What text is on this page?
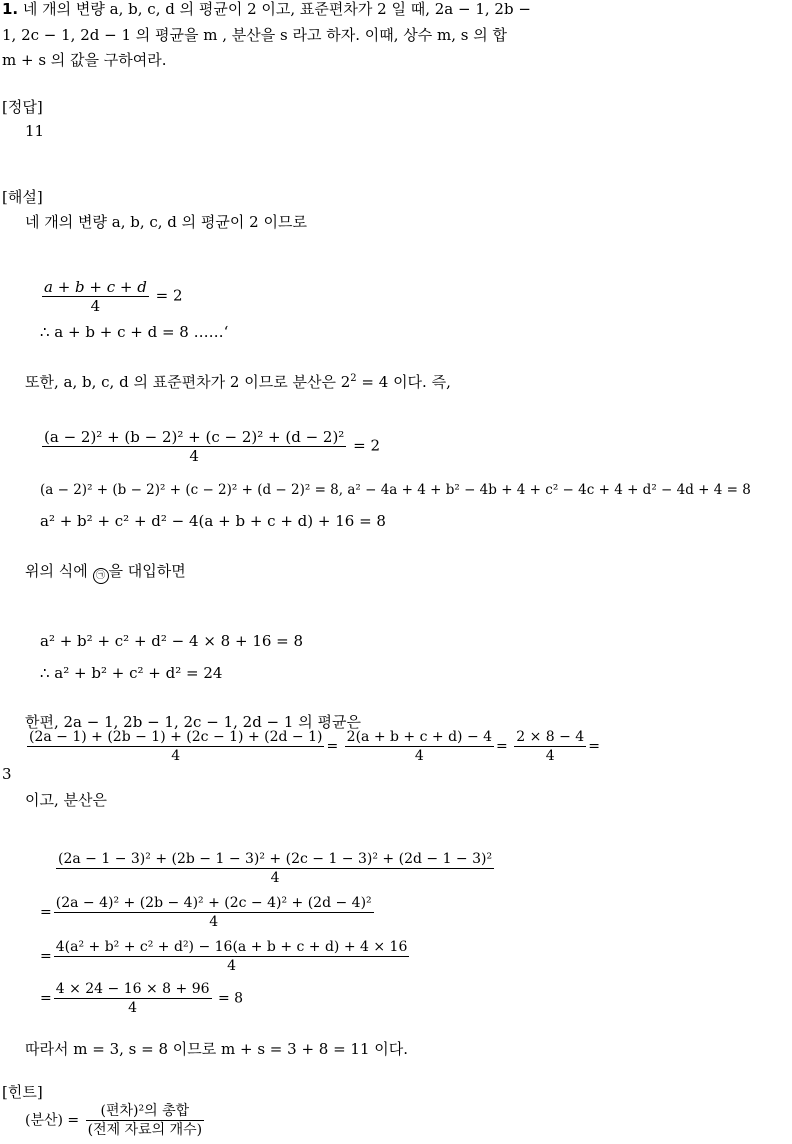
1. 네 개의 변량 a, b, c, d 의 평균이 2 이고, 표준편차가 2 일 때, 2a − 1, 2b −
1, 2c − 1, 2d − 1 의 평균을 m , 분산을 s 라고 하자. 이때, 상수 m, s 의 합
m + s 의 값을 구하여라.
[정답]
11
[해설]
네 개의 변량 a, b, c, d 의 평균이 2 이므로
$\frac{a + b + c + d}{4} = 2$
∴ a + b + c + d = 8 ……‘
또한, a, b, c, d 의 표준편차가 2 이므로 분산은 $2^2 = 4$ 이다. 즉,
$\frac{\text{(a − 2)² + (b − 2)² + (c − 2)² + (d − 2)²}}{4} = 2$
(a − 2)² + (b − 2)² + (c − 2)² + (d − 2)² = 8, a² − 4a + 4 + b² − 4b + 4 + c² − 4c + 4 + d² − 4d + 4 = 8
a² + b² + c² + d² − 4(a + b + c + d) + 16 = 8
위의 식에 ㉠ 을 대입하면
a² + b² + c² + d² − 4 × 8 + 16 = 8
∴ a² + b² + c² + d² = 24
한편, 2a − 1, 2b − 1, 2c − 1, 2d − 1 의 평균은
$\frac{(2a - 1) + (2b - 1) + (2c - 1) + (2d - 1)}{4} = \frac{2(a + b + c + d) - 4}{4} = \frac{2 \times 8 - 4}{4}$ =
3
이고, 분산은
(2a − 1 − 3)² + (2b − 1 − 3)² + (2c − 1 − 3)² + (2d − 1 − 3)²
4
= $\frac{\text{(2a − 4)² + (2b − 4)² + (2c − 4)² + (2d − 4)²}}{4}$
= $\frac{\text{4(a² + b² + c² + d²) − 16(a + b + c + d) + 4 × 16}}{4}$
= $\frac{4 \times 24 - 16 \times 8 + 96}{4} = 8$
따라서 m = 3, s = 8 이므로 m + s = 3 + 8 = 11 이다.
[힌트]
(분산) = $\frac{\text{(편차)²의 총합}}{\text{(전제 자료의 개수)}}$
